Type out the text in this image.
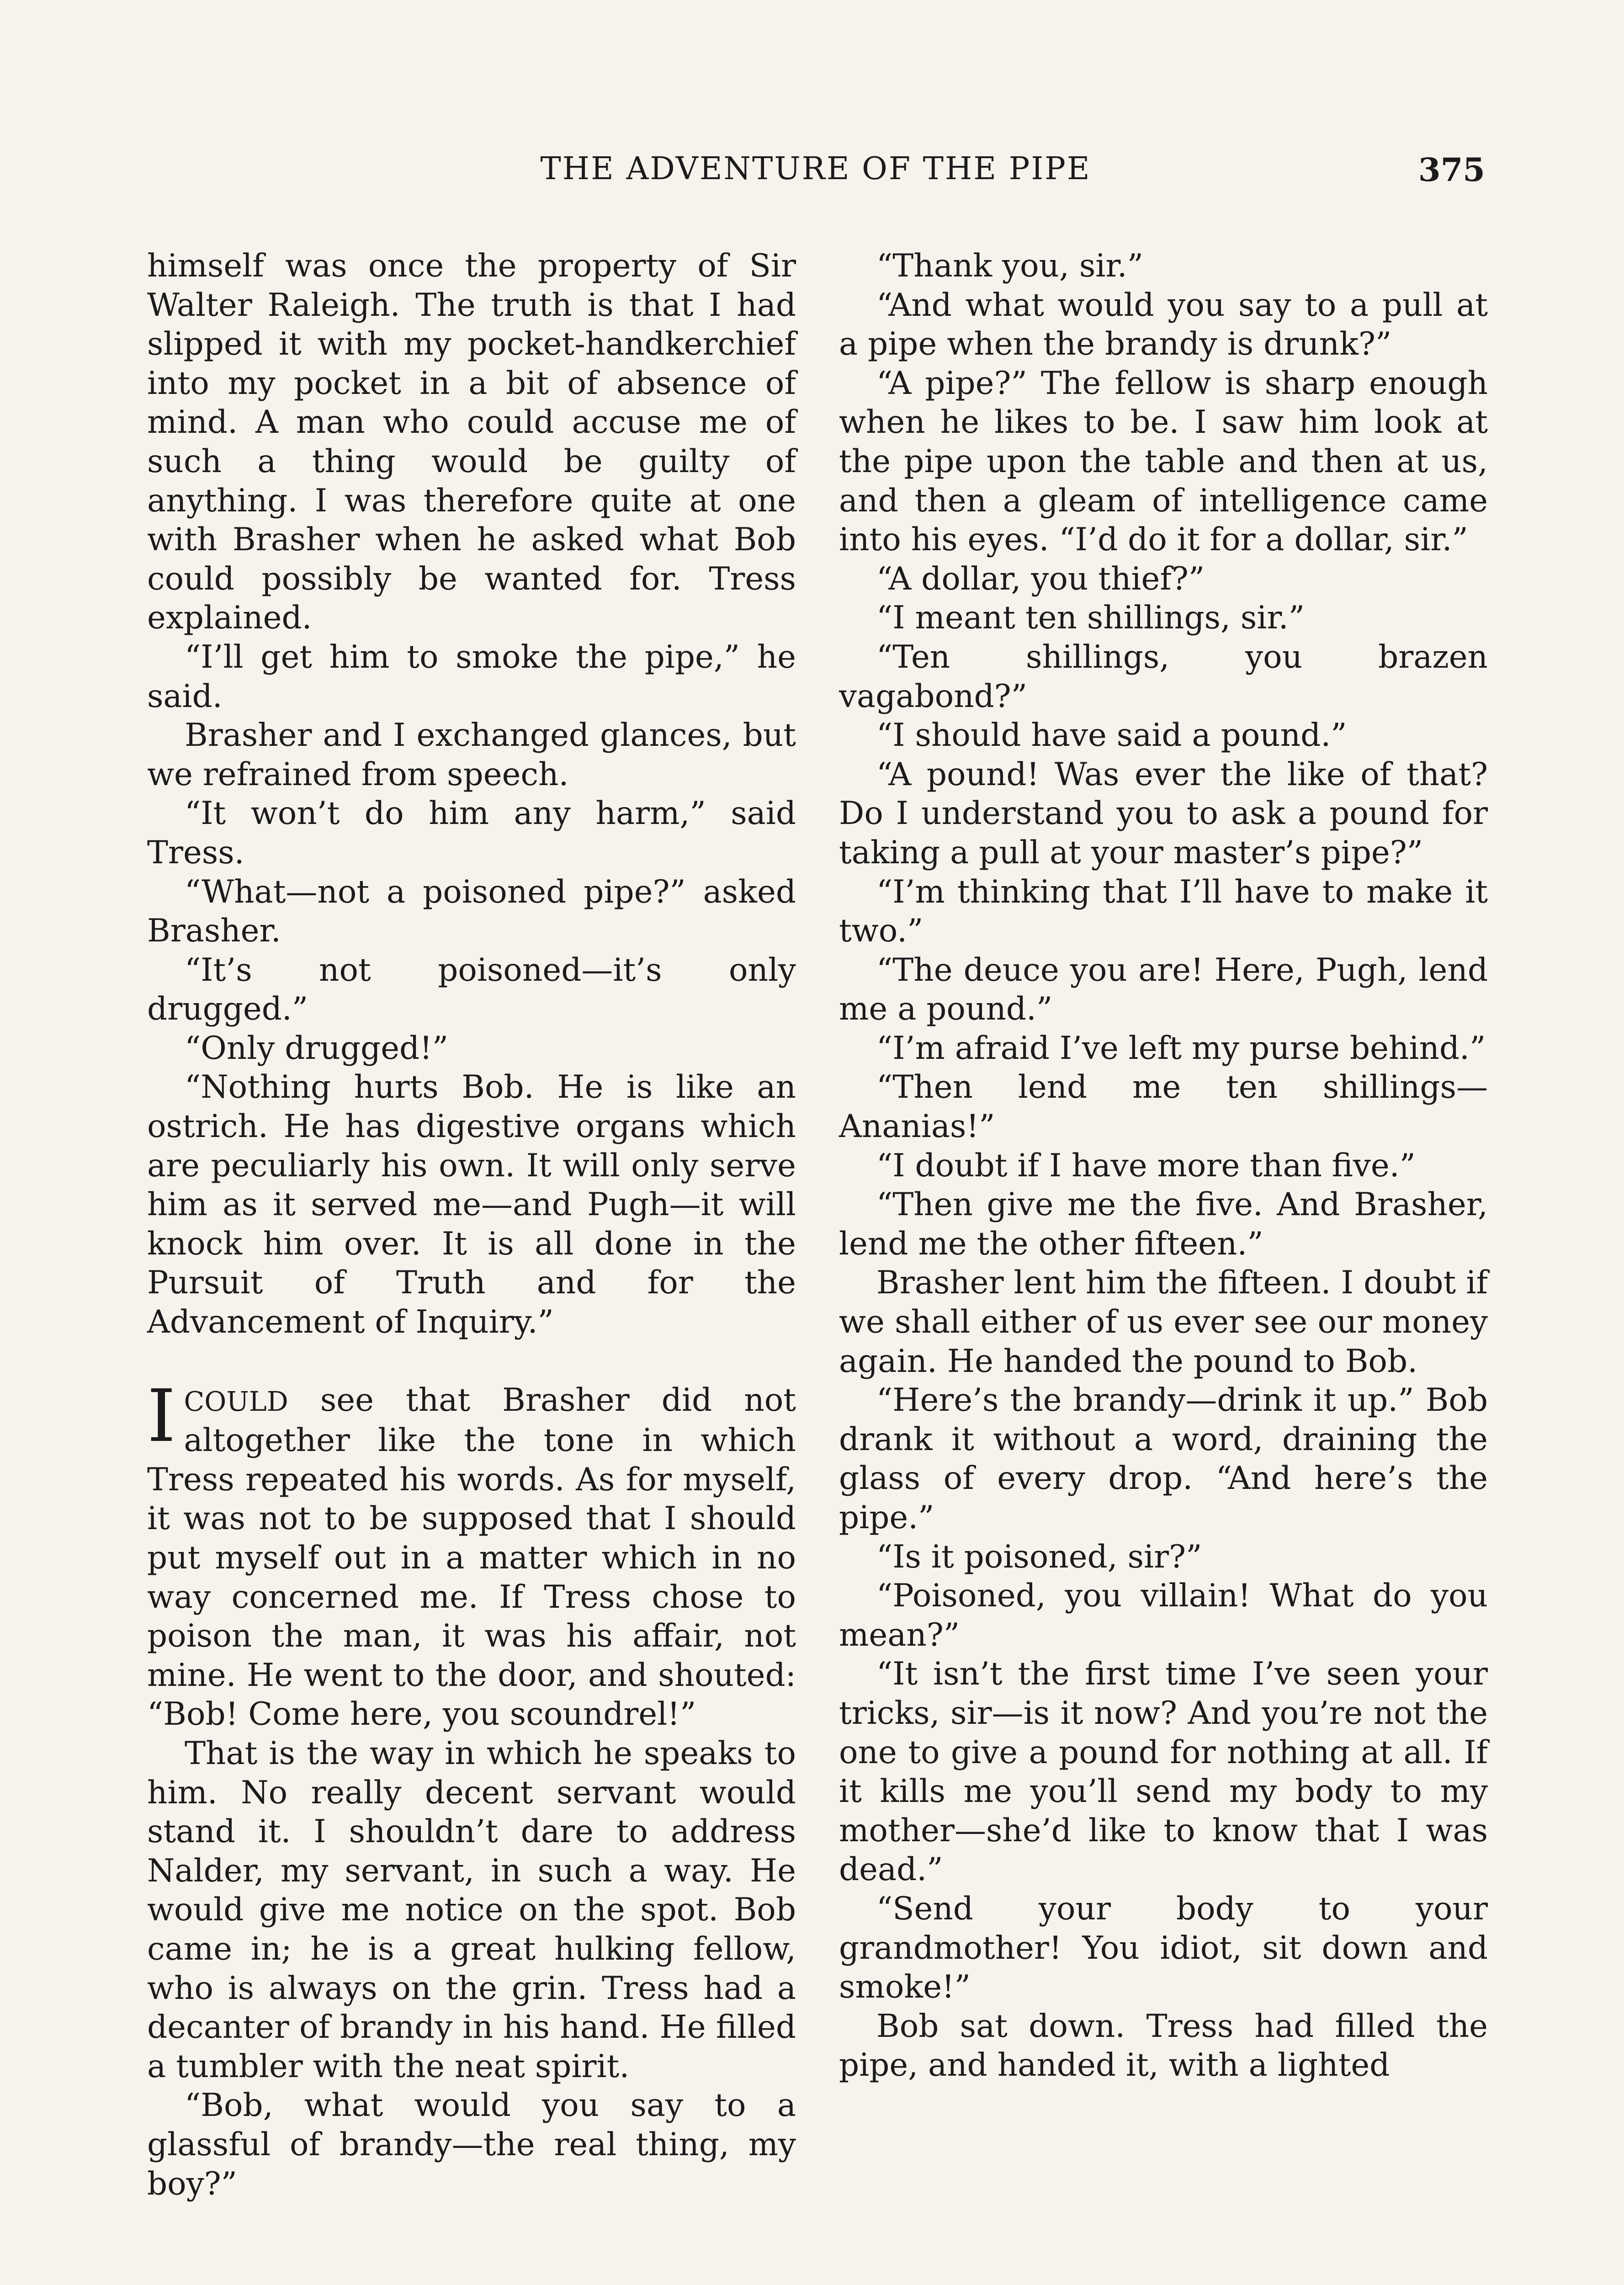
THE ADVENTURE OF THE PIPE	375

himself was once the property of Sir Walter Raleigh. The truth is that I had slipped it with my pocket-handkerchief into my pocket in a bit of absence of mind. A man who could accuse me of such a thing would be guilty of anything. I was therefore quite at one with Brasher when he asked what Bob could possibly be wanted for. Tress explained.

“I’ll get him to smoke the pipe,” he said.

Brasher and I exchanged glances, but we refrained from speech.

“It won’t do him any harm,” said Tress.

“What—not a poisoned pipe?” asked Brasher.

“It’s not poisoned—it’s only drugged.”

“Only drugged!”

“Nothing hurts Bob. He is like an ostrich. He has digestive organs which are peculiarly his own. It will only serve him as it served me—and Pugh—it will knock him over. It is all done in the Pursuit of Truth and for the Advancement of Inquiry.”

ICOULD see that Brasher did not altogether like the tone in which Tress repeated his words. As for myself, it was not to be supposed that I should put myself out in a matter which in no way concerned me. If Tress chose to poison the man, it was his affair, not mine. He went to the door, and shouted: “Bob! Come here, you scoundrel!”

That is the way in which he speaks to him. No really decent servant would stand it. I shouldn’t dare to address Nalder, my servant, in such a way. He would give me notice on the spot. Bob came in; he is a great hulking fellow, who is always on the grin. Tress had a decanter of brandy in his hand. He filled a tumbler with the neat spirit.

“Bob, what would you say to a glassful of brandy—the real thing, my boy?”

“Thank you, sir.”

“And what would you say to a pull at a pipe when the brandy is drunk?”

“A pipe?” The fellow is sharp enough when he likes to be. I saw him look at the pipe upon the table and then at us, and then a gleam of intelligence came into his eyes. “I’d do it for a dollar, sir.”

“A dollar, you thief?”

“I meant ten shillings, sir.”

“Ten shillings, you brazen vagabond?”

“I should have said a pound.”

“A pound! Was ever the like of that? Do I understand you to ask a pound for taking a pull at your master’s pipe?”

“I’m thinking that I’ll have to make it two.”

“The deuce you are! Here, Pugh, lend me a pound.”

“I’m afraid I’ve left my purse behind.”

“Then lend me ten shillings—Ananias!”

“I doubt if I have more than five.”

“Then give me the five. And Brasher, lend me the other fifteen.”

Brasher lent him the fifteen. I doubt if we shall either of us ever see our money again. He handed the pound to Bob.

“Here’s the brandy—drink it up.” Bob drank it without a word, draining the glass of every drop. “And here’s the pipe.”

“Is it poisoned, sir?”

“Poisoned, you villain! What do you mean?”

“It isn’t the first time I’ve seen your tricks, sir—is it now? And you’re not the one to give a pound for nothing at all. If it kills me you’ll send my body to my mother—she’d like to know that I was dead.”

“Send your body to your grandmother! You idiot, sit down and smoke!”

Bob sat down. Tress had filled the pipe, and handed it, with a lighted
